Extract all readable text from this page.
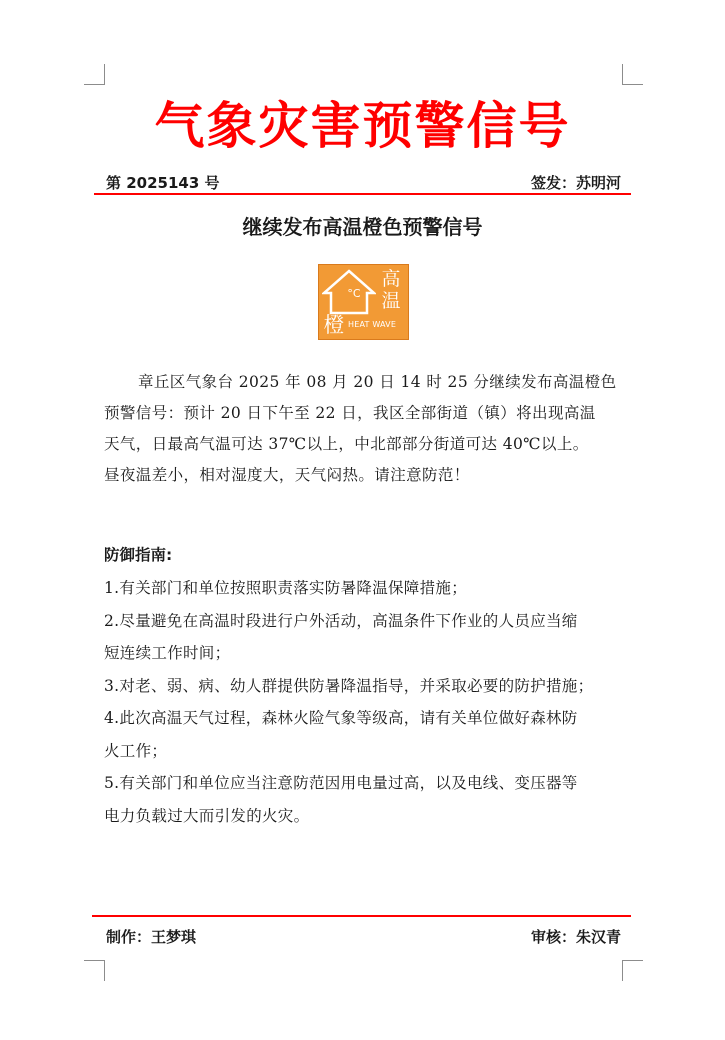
气象灾害预警信号
第 2025143 号	签发：苏明河
继续发布高温橙色预警信号
°C
高
温
橙 HEAT WAVE
章丘区气象台 2025 年 08 月 20 日 14 时 25 分继续发布高温橙色
预警信号：预计 20 日下午至 22 日，我区全部街道（镇）将出现高温
天气，日最高气温可达 37℃以上，中北部部分街道可达 40℃以上。
昼夜温差小，相对湿度大，天气闷热。请注意防范！
防御指南:
1.有关部门和单位按照职责落实防暑降温保障措施；
2.尽量避免在高温时段进行户外活动，高温条件下作业的人员应当缩
短连续工作时间；
3.对老、弱、病、幼人群提供防暑降温指导，并采取必要的防护措施；
4.此次高温天气过程，森林火险气象等级高，请有关单位做好森林防
火工作；
5.有关部门和单位应当注意防范因用电量过高，以及电线、变压器等
电力负载过大而引发的火灾。
制作：王梦琪	审核：朱汉青
